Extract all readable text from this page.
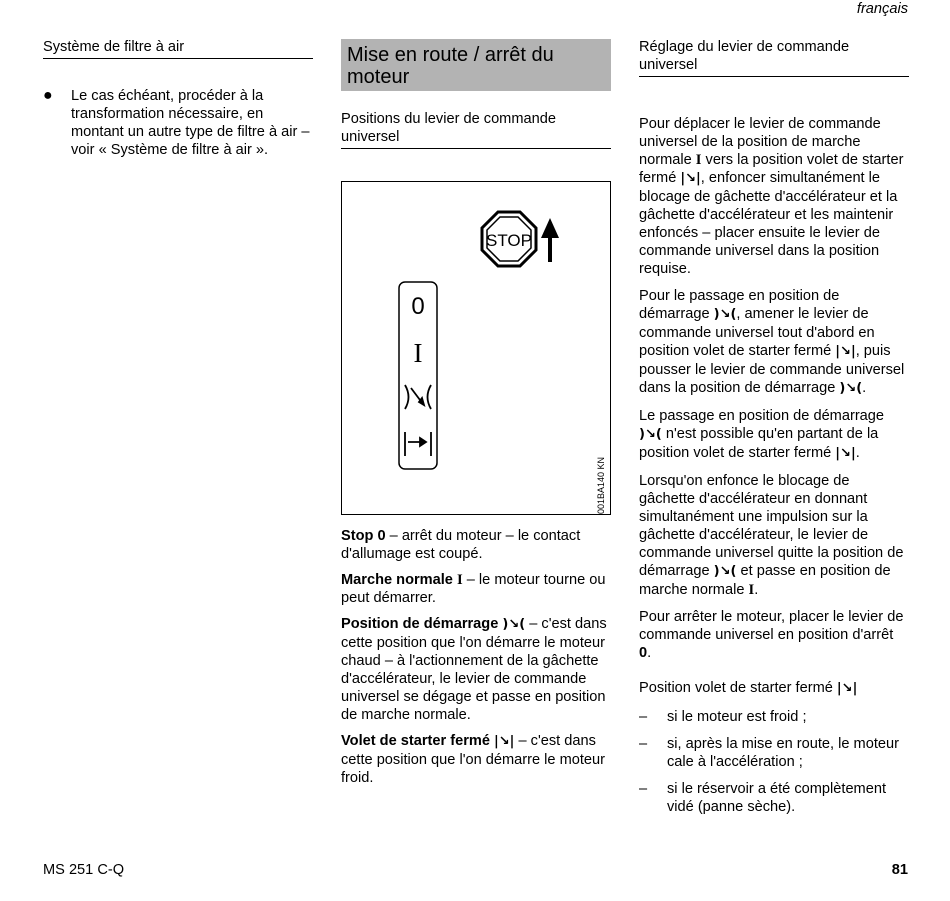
français
Système de filtre à air
●	Le cas échéant, procéder à la transformation nécessaire, en montant un autre type de filtre à air – voir « Système de filtre à air ».
Mise en route / arrêt du moteur
Positions du levier de commande universel
STOP
0
I
001BA140 KN

Stop 0 – arrêt du moteur – le contact d'allumage est coupé.

Marche normale I – le moteur tourne ou peut démarrer.

Position de démarrage )↘( – c'est dans cette position que l'on démarre le moteur chaud – à l'actionnement de la gâchette d'accélérateur, le levier de commande universel se dégage et passe en position de marche normale.

Volet de starter fermé |↘| – c'est dans cette position que l'on démarre le moteur froid.

Réglage du levier de commande universel

Pour déplacer le levier de commande universel de la position de marche normale I vers la position volet de starter fermé |↘|, enfoncer simultanément le blocage de gâchette d'accélérateur et la gâchette d'accélérateur et les maintenir enfoncés – placer ensuite le levier de commande universel dans la position requise.

Pour le passage en position de démarrage )↘(, amener le levier de commande universel tout d'abord en position volet de starter fermé |↘|, puis pousser le levier de commande universel dans la position de démarrage )↘(.

Le passage en position de démarrage )↘( n'est possible qu'en partant de la position volet de starter fermé |↘|.

Lorsqu'on enfonce le blocage de gâchette d'accélérateur en donnant simultanément une impulsion sur la gâchette d'accélérateur, le levier de commande universel quitte la position de démarrage )↘( et passe en position de marche normale I.

Pour arrêter le moteur, placer le levier de commande universel en position d'arrêt 0.

Position volet de starter fermé |↘|

–	si le moteur est froid ;
–	si, après la mise en route, le moteur cale à l'accélération ;
–	si le réservoir a été complètement vidé (panne sèche).
MS 251 C-Q	81
